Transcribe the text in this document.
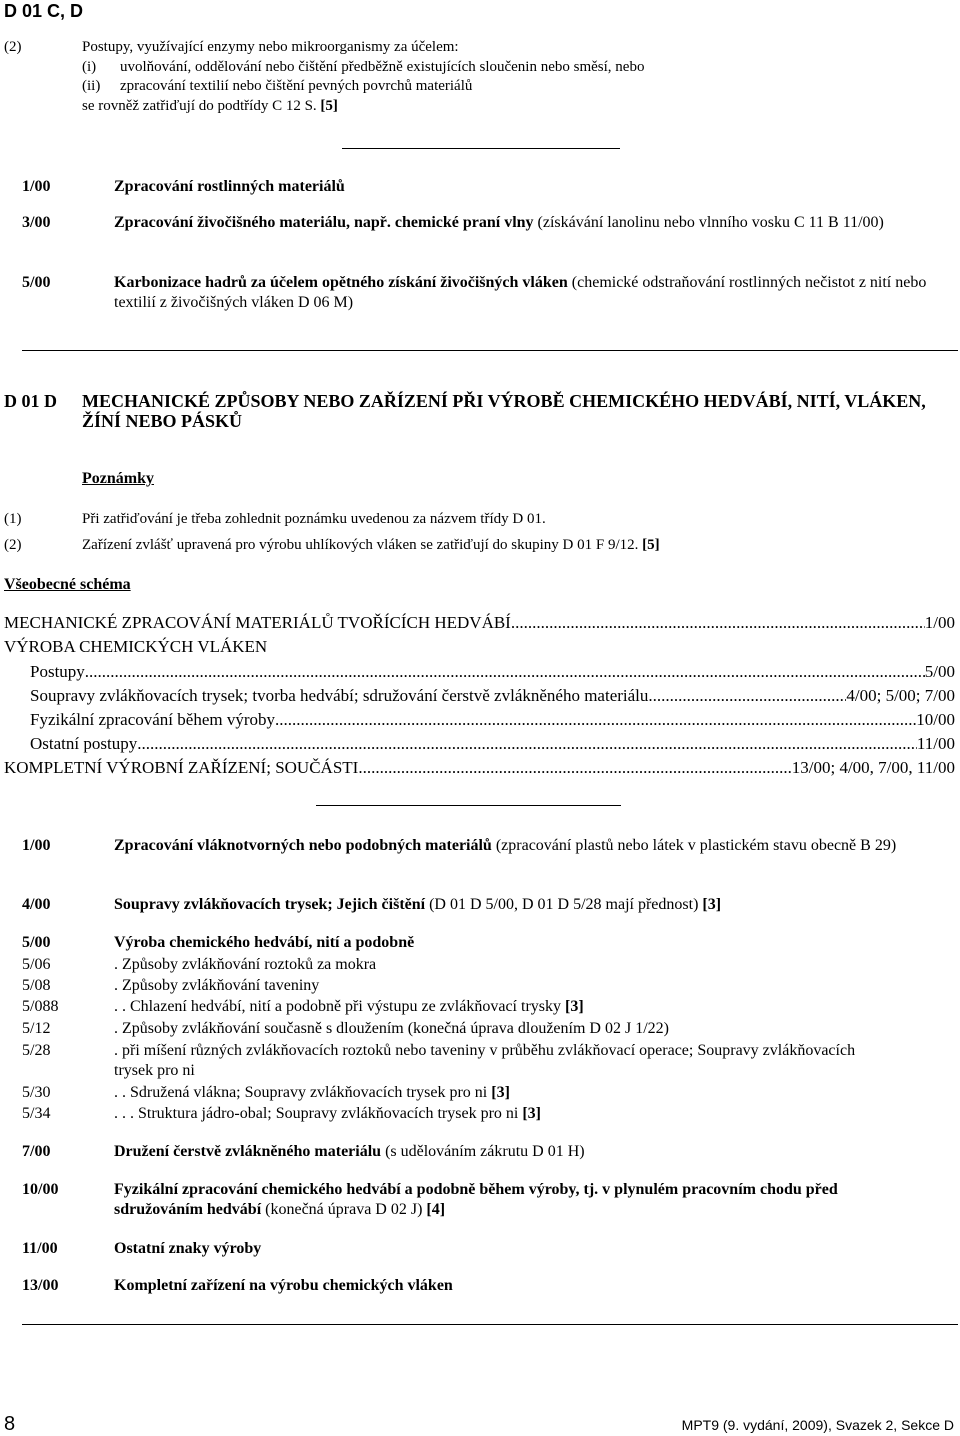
D 01 C, D
(2)	Postupy, využívající enzymy nebo mikroorganismy za účelem:
(i) uvolňování, oddělování nebo čištění předběžně existujících sloučenin nebo směsí, nebo
(ii) zpracování textilií nebo čištění pevných povrchů materiálů
se rovněž zatřiďují do podtřídy C 12 S. [5]
1/00	Zpracování rostlinných materiálů
3/00	Zpracování živočišného materiálu, např. chemické praní vlny (získávání lanolinu nebo vlnního vosku C 11 B 11/00)
5/00	Karbonizace hadrů za účelem opětného získání živočišných vláken (chemické odstraňování rostlinných nečistot z nití nebo textilií z živočišných vláken D 06 M)
D 01 D MECHANICKÉ ZPŮSOBY NEBO ZAŘÍZENÍ PŘI VÝROBĚ CHEMICKÉHO HEDVÁBÍ, NITÍ, VLÁKEN, ŽÍNÍ NEBO PÁSKŮ
Poznámky
(1)	Při zatřiďování je třeba zohlednit poznámku uvedenou za názvem třídy D 01.
(2)	Zařízení zvlášť upravená pro výrobu uhlíkových vláken se zatřiďují do skupiny D 01 F 9/12. [5]
Všeobecné schéma
MECHANICKÉ ZPRACOVÁNÍ MATERIÁLŮ TVOŘÍCÍCH HEDVÁBÍ .....	1/00
VÝROBA CHEMICKÝCH VLÁKEN
Postupy .....	5/00
Soupravy zvlákňovacích trysek; tvorba hedvábí; sdružování čerstvě zvlákněného materiálu .....	4/00; 5/00; 7/00
Fyzikální zpracování během výroby .....	10/00
Ostatní postupy .....	11/00
KOMPLETNÍ VÝROBNÍ ZAŘÍZENÍ; SOUČÁSTI .....	13/00; 4/00, 7/00, 11/00
1/00	Zpracování vláknotvorných nebo podobných materiálů (zpracování plastů nebo látek v plastickém stavu obecně B 29)
4/00	Soupravy zvlákňovacích trysek; Jejich čištění (D 01 D 5/00, D 01 D 5/28 mají přednost) [3]
5/00	Výroba chemického hedvábí, nití a podobně
5/06	. Způsoby zvlákňování roztoků za mokra
5/08	. Způsoby zvlákňování taveniny
5/088	. . Chlazení hedvábí, nití a podobně při výstupu ze zvlákňovací trysky [3]
5/12	. Způsoby zvlákňování současně s dloužením (konečná úprava dloužením D 02 J 1/22)
5/28	. při míšení různých zvlákňovacích roztoků nebo taveniny v průběhu zvlákňovací operace; Soupravy zvlákňovacích trysek pro ni
5/30	. . Sdružená vlákna; Soupravy zvlákňovacích trysek pro ni [3]
5/34	. . . Struktura jádro-obal; Soupravy zvlákňovacích trysek pro ni [3]
7/00	Družení čerstvě zvlákněného materiálu (s udělováním zákrutu D 01 H)
10/00	Fyzikální zpracování chemického hedvábí a podobně během výroby, tj. v plynulém pracovním chodu před sdružováním hedvábí (konečná úprava D 02 J) [4]
11/00	Ostatní znaky výroby
13/00	Kompletní zařízení na výrobu chemických vláken
8	MPT9 (9. vydání, 2009), Svazek 2, Sekce D
